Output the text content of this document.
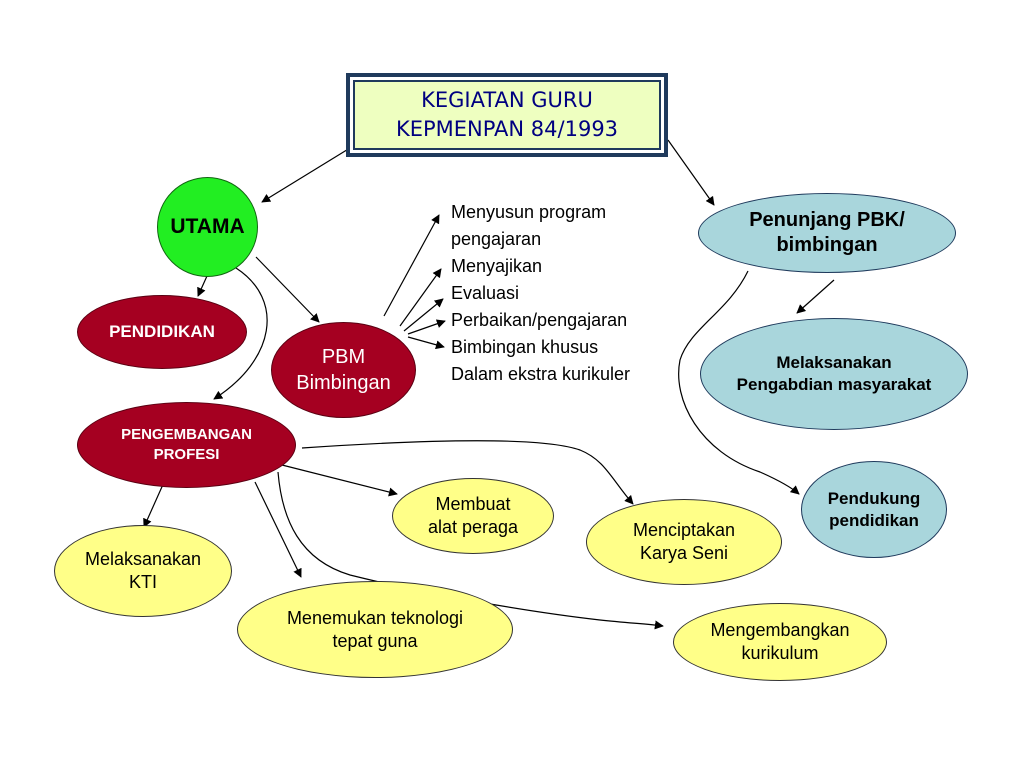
KEGIATAN GURU
KEPMENPAN 84/1993
UTAMA
PENDIDIKAN
PBM
Bimbingan
PENGEMBANGAN
PROFESI
Menyusun program
pengajaran
Menyajikan
Evaluasi
Perbaikan/pengajaran
Bimbingan khusus
Dalam ekstra kurikuler
Penunjang PBK/
bimbingan
Melaksanakan
Pengabdian masyarakat
Pendukung
pendidikan
Membuat
alat peraga	Menciptakan
Karya Seni
Melaksanakan
KTI
Menemukan teknologi
tepat guna
Mengembangkan
kurikulum
